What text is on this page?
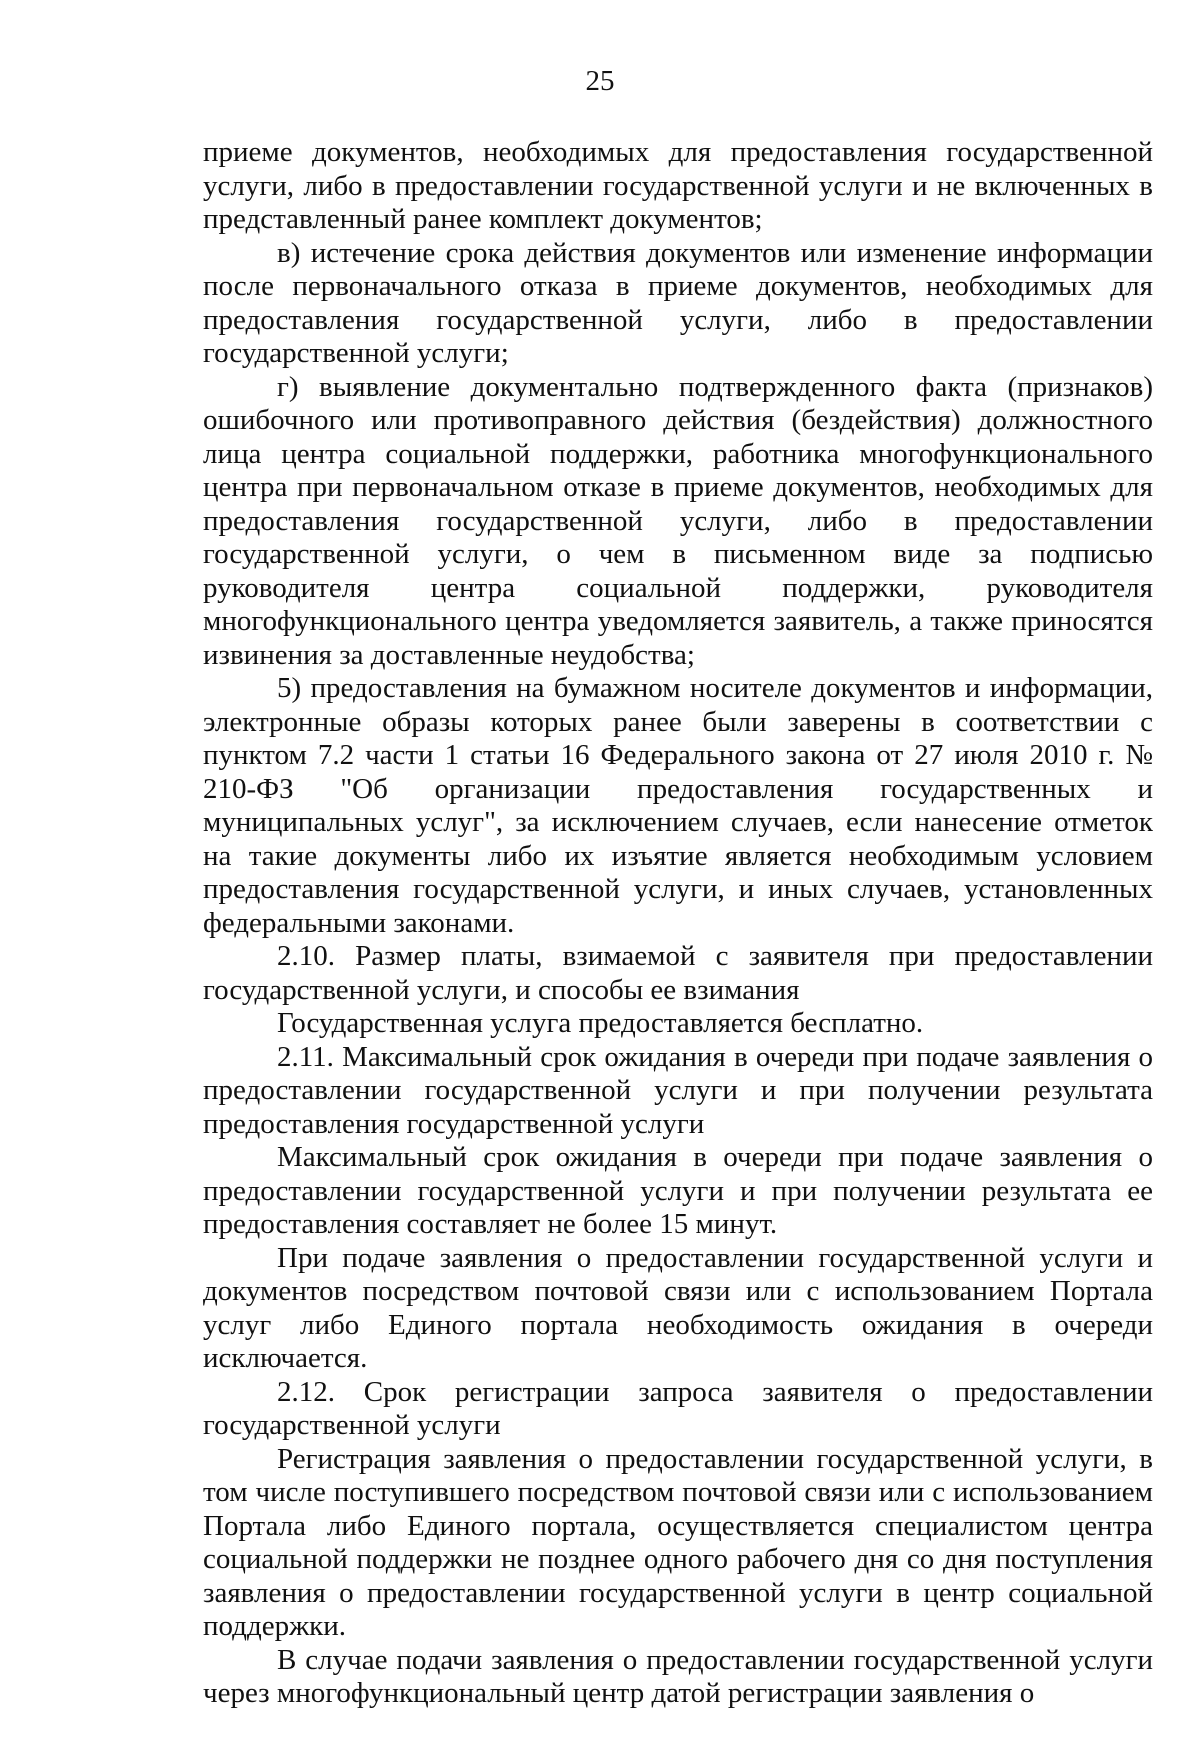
25

приеме документов, необходимых для предоставления государственной услуги, либо в предоставлении государственной услуги и не включенных в представленный ранее комплект документов;

в) истечение срока действия документов или изменение информации после первоначального отказа в приеме документов, необходимых для предоставления государственной услуги, либо в предоставлении государственной услуги;

г) выявление документально подтвержденного факта (признаков) ошибочного или противоправного действия (бездействия) должностного лица центра социальной поддержки, работника многофункционального центра при первоначальном отказе в приеме документов, необходимых для предоставления государственной услуги, либо в предоставлении государственной услуги, о чем в письменном виде за подписью руководителя центра социальной поддержки, руководителя многофункционального центра уведомляется заявитель, а также приносятся извинения за доставленные неудобства;

5) предоставления на бумажном носителе документов и информации, электронные образы которых ранее были заверены в соответствии с пунктом 7.2 части 1 статьи 16 Федерального закона от 27 июля 2010 г. № 210-ФЗ "Об организации предоставления государственных и муниципальных услуг", за исключением случаев, если нанесение отметок на такие документы либо их изъятие является необходимым условием предоставления государственной услуги, и иных случаев, установленных федеральными законами.

2.10. Размер платы, взимаемой с заявителя при предоставлении государственной услуги, и способы ее взимания

Государственная услуга предоставляется бесплатно.

2.11. Максимальный срок ожидания в очереди при подаче заявления о предоставлении государственной услуги и при получении результата предоставления государственной услуги

Максимальный срок ожидания в очереди при подаче заявления о предоставлении государственной услуги и при получении результата ее предоставления составляет не более 15 минут.

При подаче заявления о предоставлении государственной услуги и документов посредством почтовой связи или с использованием Портала услуг либо Единого портала необходимость ожидания в очереди исключается.

2.12. Срок регистрации запроса заявителя о предоставлении государственной услуги

Регистрация заявления о предоставлении государственной услуги, в том числе поступившего посредством почтовой связи или с использованием Портала либо Единого портала, осуществляется специалистом центра социальной поддержки не позднее одного рабочего дня со дня поступления заявления о предоставлении государственной услуги в центр социальной поддержки.

В случае подачи заявления о предоставлении государственной услуги через многофункциональный центр датой регистрации заявления о
